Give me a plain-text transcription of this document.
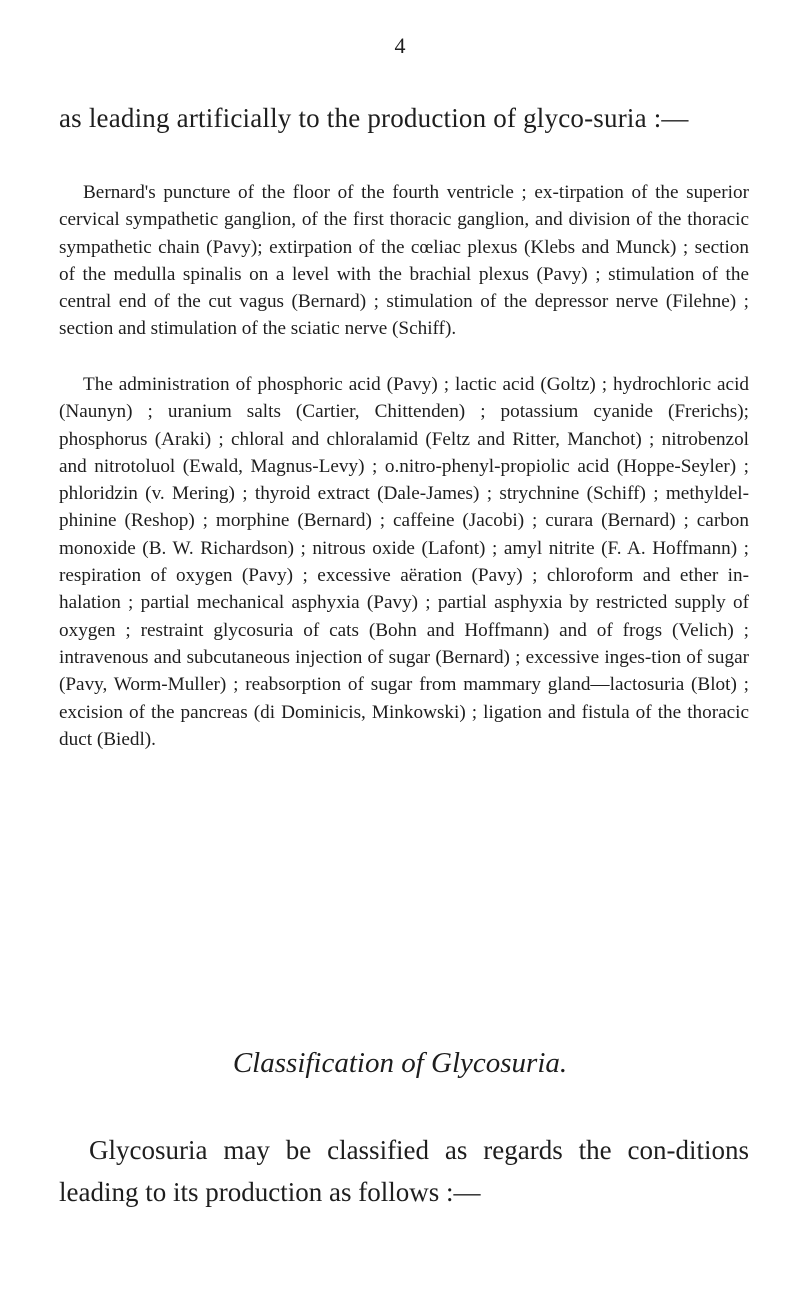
4
as leading artificially to the production of glyco-suria :—

Bernard's puncture of the floor of the fourth ventricle ; ex-tirpation of the superior cervical sympathetic ganglion, of the first thoracic ganglion, and division of the thoracic sympathetic chain (Pavy); extirpation of the cœliac plexus (Klebs and Munck) ; section of the medulla spinalis on a level with the brachial plexus (Pavy) ; stimulation of the central end of the cut vagus (Bernard) ; stimulation of the depressor nerve (Filehne) ; section and stimulation of the sciatic nerve (Schiff).

The administration of phosphoric acid (Pavy) ; lactic acid (Goltz) ; hydrochloric acid (Naunyn) ; uranium salts (Cartier, Chittenden) ; potassium cyanide (Frerichs); phosphorus (Araki) ; chloral and chloralamid (Feltz and Ritter, Manchot) ; nitrobenzol and nitrotoluol (Ewald, Magnus-Levy) ; o.nitro-phenyl-propiolic acid (Hoppe-Seyler) ; phloridzin (v. Mering) ; thyroid extract (Dale-James) ; strychnine (Schiff) ; methyldel-phinine (Reshop) ; morphine (Bernard) ; caffeine (Jacobi) ; curara (Bernard) ; carbon monoxide (B. W. Richardson) ; nitrous oxide (Lafont) ; amyl nitrite (F. A. Hoffmann) ; respiration of oxygen (Pavy) ; excessive aëration (Pavy) ; chloroform and ether in-halation ; partial mechanical asphyxia (Pavy) ; partial asphyxia by restricted supply of oxygen ; restraint glycosuria of cats (Bohn and Hoffmann) and of frogs (Velich) ; intravenous and subcutaneous injection of sugar (Bernard) ; excessive inges-tion of sugar (Pavy, Worm-Muller) ; reabsorption of sugar from mammary gland—lactosuria (Blot) ; excision of the pancreas (di Dominicis, Minkowski) ; ligation and fistula of the thoracic duct (Biedl).

Classification of Glycosuria.

Glycosuria may be classified as regards the con-ditions leading to its production as follows :—
